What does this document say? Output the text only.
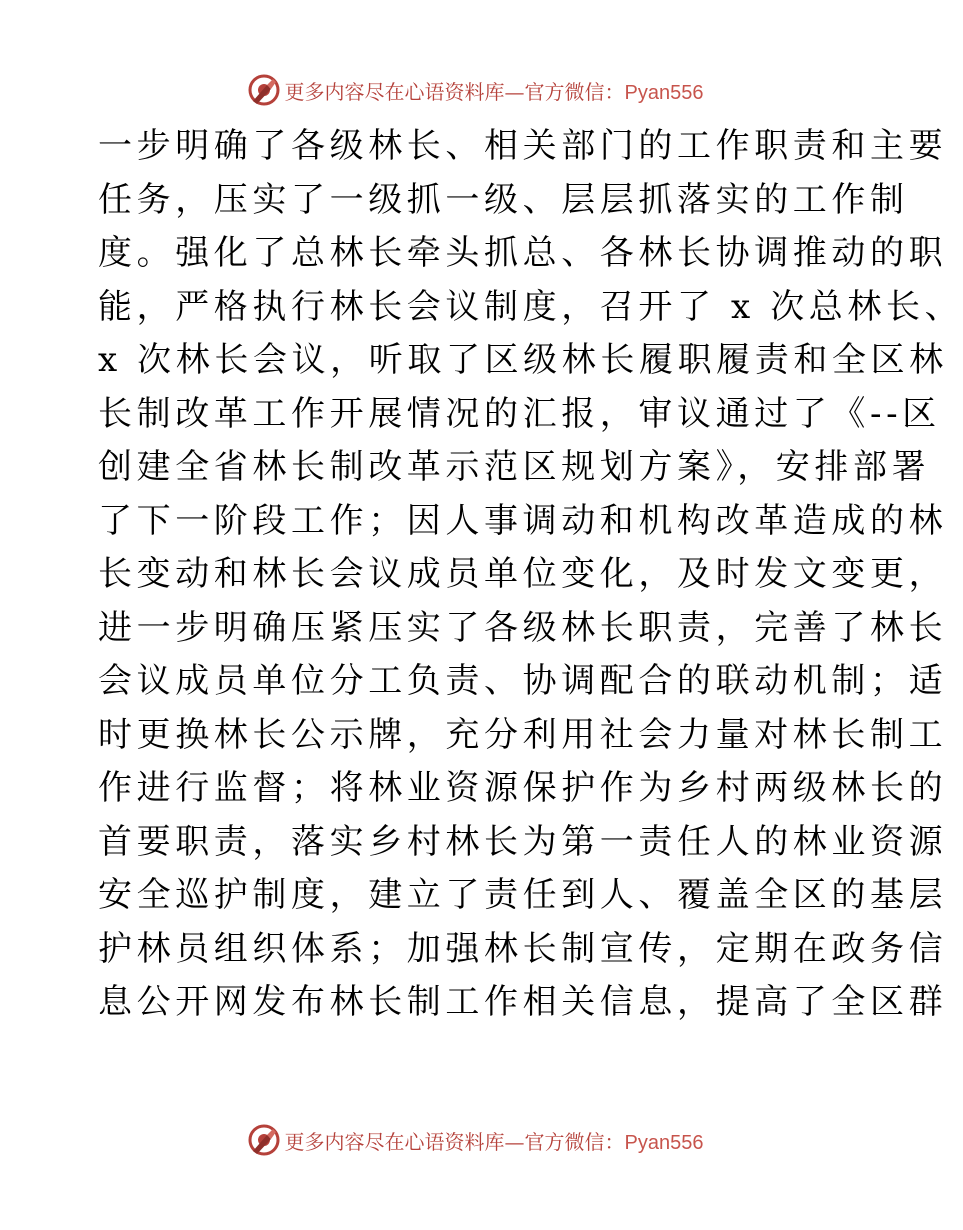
更多内容尽在心语资料库—官方微信：Pyan556
一步明确了各级林长、相关部门的工作职责和主要
任务，压实了一级抓一级、层层抓落实的工作制
度。强化了总林长牵头抓总、各林长协调推动的职
能，严格执行林长会议制度，召开了 x 次总林长、
x 次林长会议，听取了区级林长履职履责和全区林
长制改革工作开展情况的汇报，审议通过了《--区
创建全省林长制改革示范区规划方案》，安排部署
了下一阶段工作；因人事调动和机构改革造成的林
长变动和林长会议成员单位变化，及时发文变更，
进一步明确压紧压实了各级林长职责，完善了林长
会议成员单位分工负责、协调配合的联动机制；适
时更换林长公示牌，充分利用社会力量对林长制工
作进行监督；将林业资源保护作为乡村两级林长的
首要职责，落实乡村林长为第一责任人的林业资源
安全巡护制度，建立了责任到人、覆盖全区的基层
护林员组织体系；加强林长制宣传，定期在政务信
息公开网发布林长制工作相关信息，提高了全区群
更多内容尽在心语资料库—官方微信：Pyan556
